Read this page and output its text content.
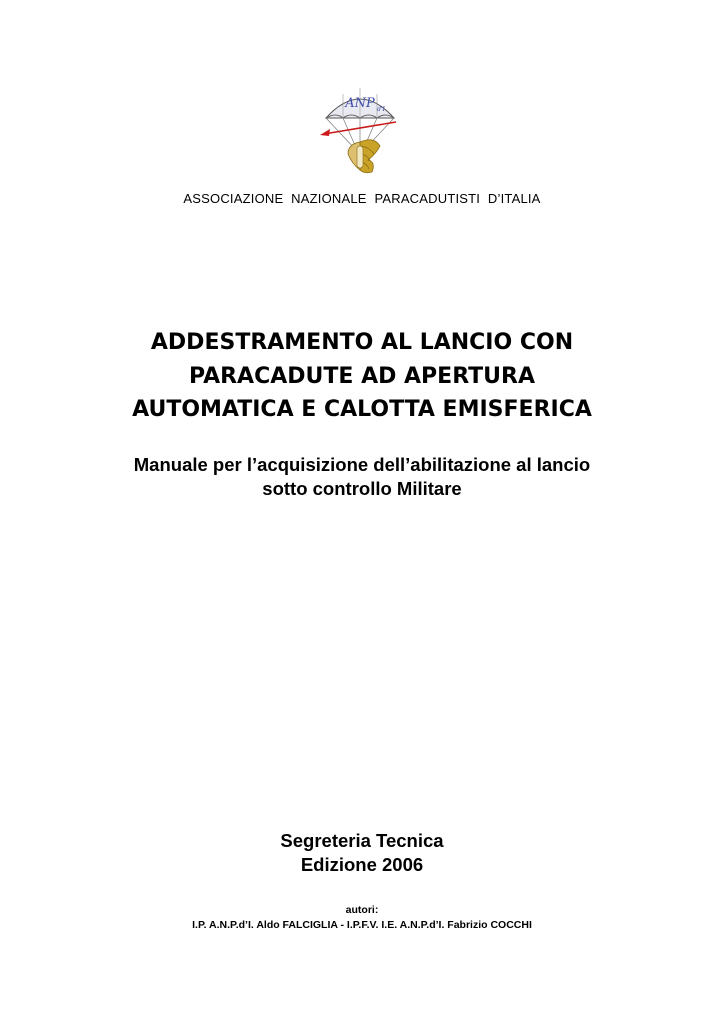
ANP d'I
ASSOCIAZIONE NAZIONALE PARACADUTISTI D’ITALIA
ADDESTRAMENTO AL LANCIO CON
PARACADUTE AD APERTURA
AUTOMATICA E CALOTTA EMISFERICA
Manuale per l’acquisizione dell’abilitazione al lancio
sotto controllo Militare
Segreteria Tecnica
Edizione 2006
autori:
I.P. A.N.P.d’I. Aldo FALCIGLIA - I.P.F.V. I.E. A.N.P.d’I. Fabrizio COCCHI
